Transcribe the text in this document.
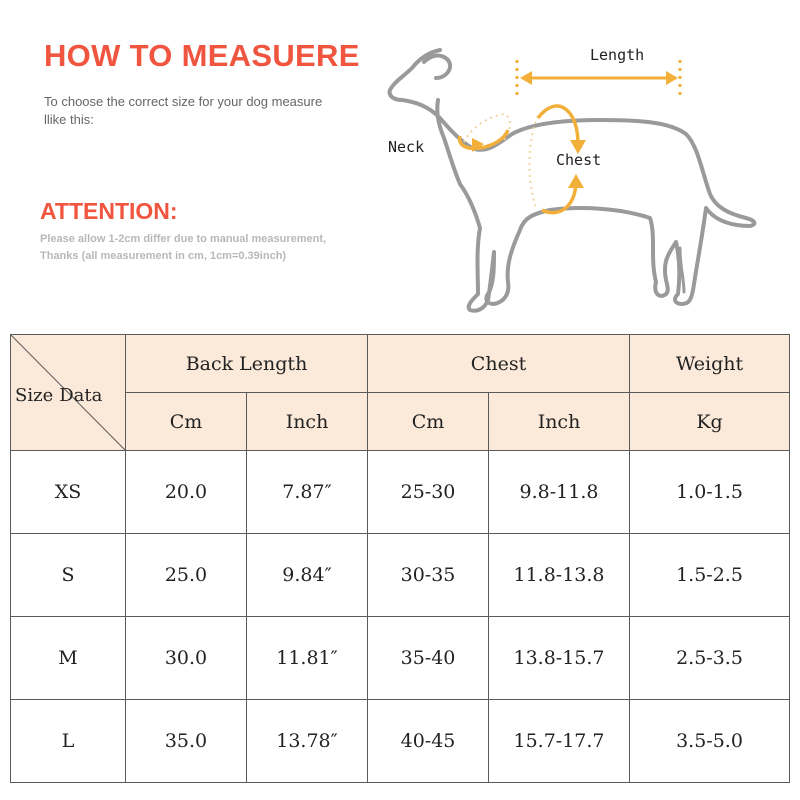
HOW TO MEASUERE
To choose the correct size for your dog measure llike this:
ATTENTION:
Please allow 1-2cm differ due to manual measurement,
Thanks (all measurement in cm, 1cm=0.39inch)
Length
Neck
Chest
Size Data	Back Length		Chest		Weight
	Cm	Inch	Cm	Inch	Kg
XS	20.0	7.87″	25-30	9.8-11.8	1.0-1.5
S	25.0	9.84″	30-35	11.8-13.8	1.5-2.5
M	30.0	11.81″	35-40	13.8-15.7	2.5-3.5
L	35.0	13.78″	40-45	15.7-17.7	3.5-5.0
